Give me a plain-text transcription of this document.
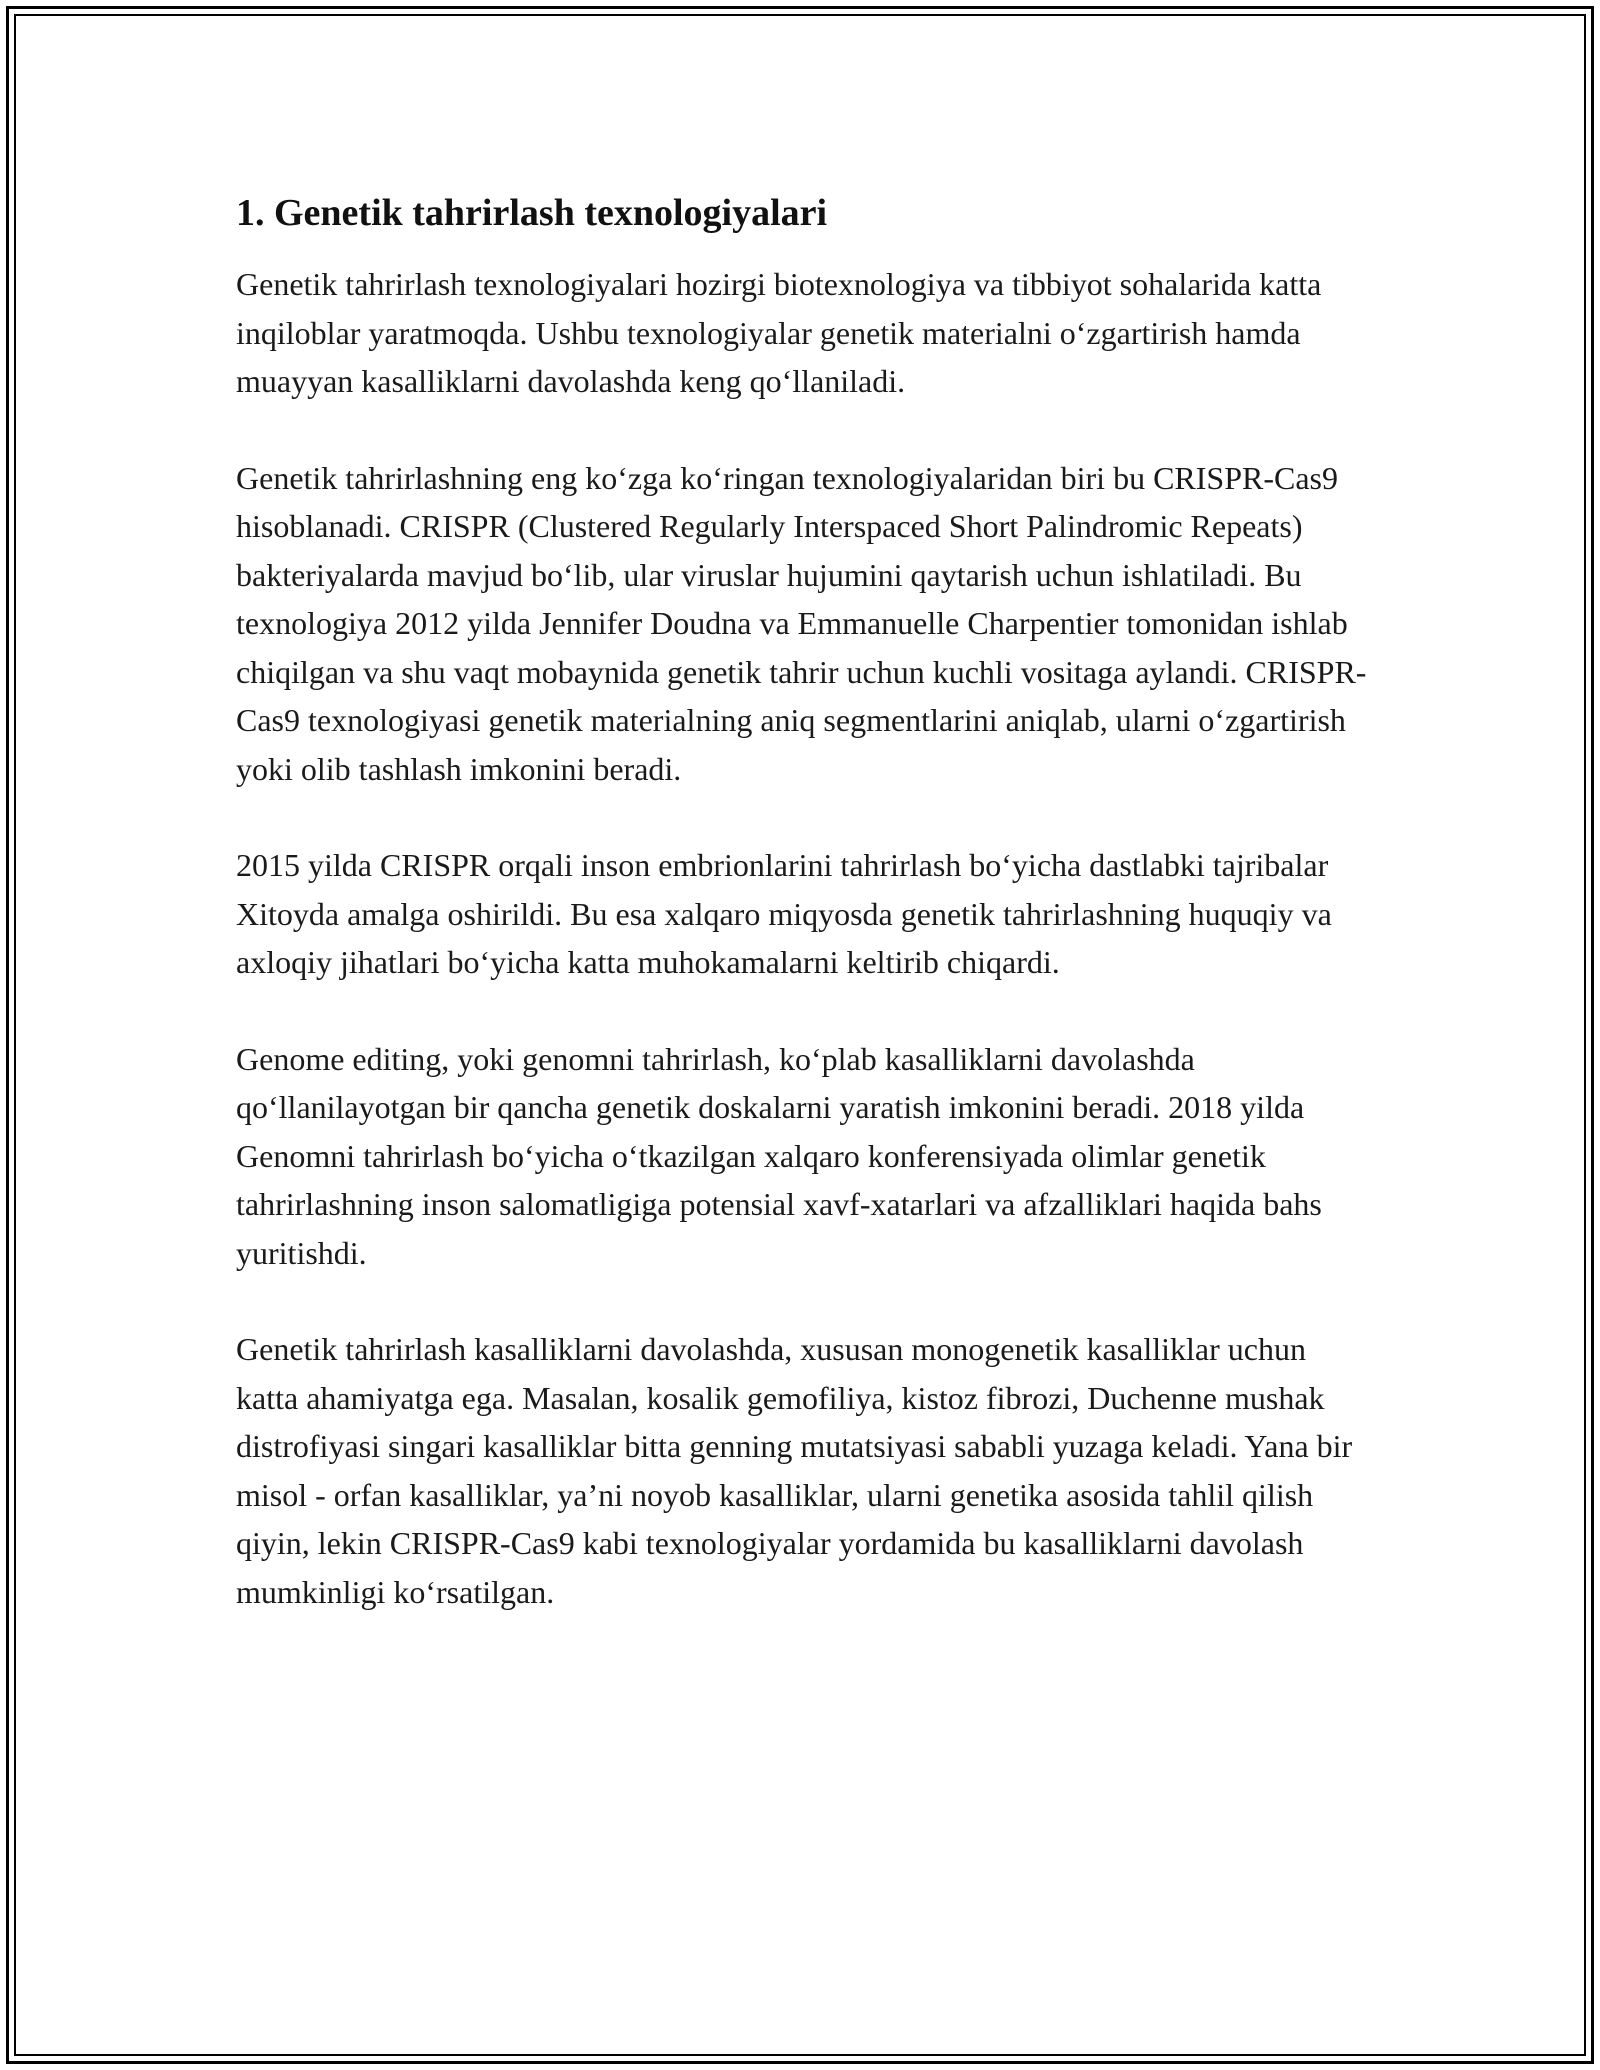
1. Genetik tahrirlash texnologiyalari

Genetik tahrirlash texnologiyalari hozirgi biotexnologiya va tibbiyot sohalarida katta inqiloblar yaratmoqda. Ushbu texnologiyalar genetik materialni o‘zgartirish hamda muayyan kasalliklarni davolashda keng qo‘llaniladi.

Genetik tahrirlashning eng ko‘zga ko‘ringan texnologiyalaridan biri bu CRISPR-Cas9 hisoblanadi. CRISPR (Clustered Regularly Interspaced Short Palindromic Repeats) bakteriyalarda mavjud bo‘lib, ular viruslar hujumini qaytarish uchun ishlatiladi. Bu texnologiya 2012 yilda Jennifer Doudna va Emmanuelle Charpentier tomonidan ishlab chiqilgan va shu vaqt mobaynida genetik tahrir uchun kuchli vositaga aylandi. CRISPR-Cas9 texnologiyasi genetik materialning aniq segmentlarini aniqlab, ularni o‘zgartirish yoki olib tashlash imkonini beradi.

2015 yilda CRISPR orqali inson embrionlarini tahrirlash bo‘yicha dastlabki tajribalar Xitoyda amalga oshirildi. Bu esa xalqaro miqyosda genetik tahrirlashning huquqiy va axloqiy jihatlari bo‘yicha katta muhokamalarni keltirib chiqardi.

Genome editing, yoki genomni tahrirlash, ko‘plab kasalliklarni davolashda qo‘llanilayotgan bir qancha genetik doskalarni yaratish imkonini beradi. 2018 yilda Genomni tahrirlash bo‘yicha o‘tkazilgan xalqaro konferensiyada olimlar genetik tahrirlashning inson salomatligiga potensial xavf-xatarlari va afzalliklari haqida bahs yuritishdi.

Genetik tahrirlash kasalliklarni davolashda, xususan monogenetik kasalliklar uchun katta ahamiyatga ega. Masalan, kosalik gemofiliya, kistoz fibrozi, Duchenne mushak distrofiyasi singari kasalliklar bitta genning mutatsiyasi sababli yuzaga keladi. Yana bir misol - orfan kasalliklar, ya’ni noyob kasalliklar, ularni genetika asosida tahlil qilish qiyin, lekin CRISPR-Cas9 kabi texnologiyalar yordamida bu kasalliklarni davolash mumkinligi ko‘rsatilgan.
